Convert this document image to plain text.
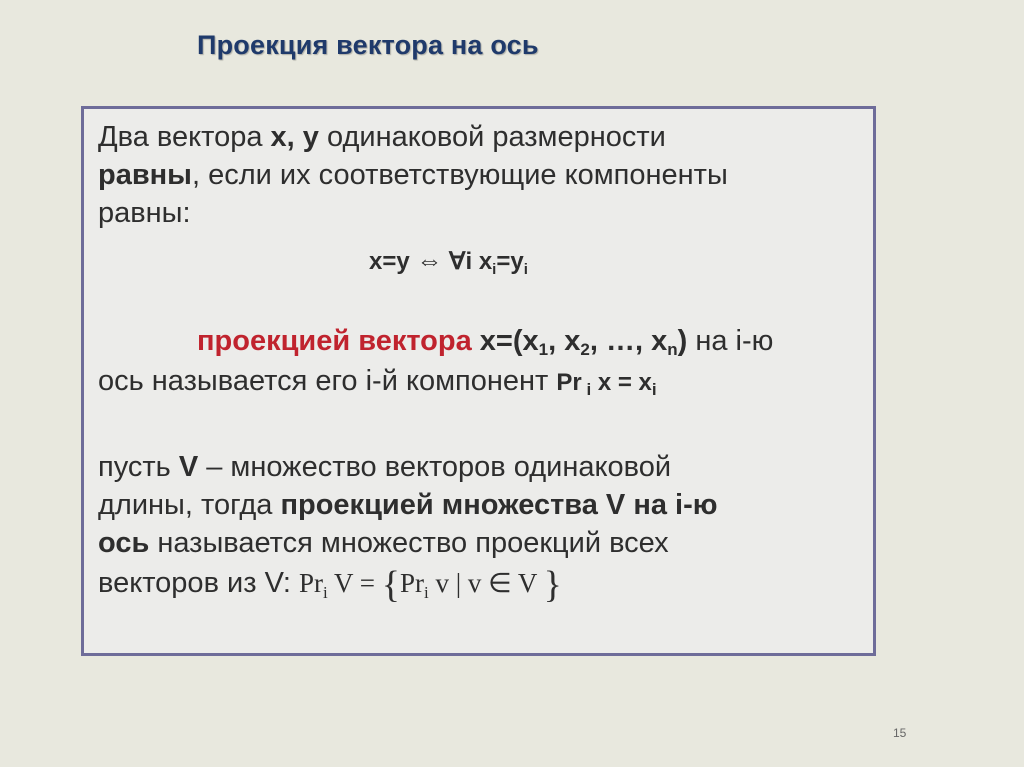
Проекция вектора на ось
Два вектора x, y одинаковой размерности
равны, если их соответствующие компоненты
равны:
x=y ⇔ ∀i $x_i=y_i$
проекцией вектора $x=(x_1$, $x_2$, …, $x_n$) на i-ю
ось называется его i-й компонент Pr $_i$ $x = x_i$
пусть V – множество векторов одинаковой
длины, тогда проекцией множества V на i-ю
ось называется множество проекций всех
векторов из V: $Pr_i$ $V = \{Pr_i$ v | v ∈ V }
15
